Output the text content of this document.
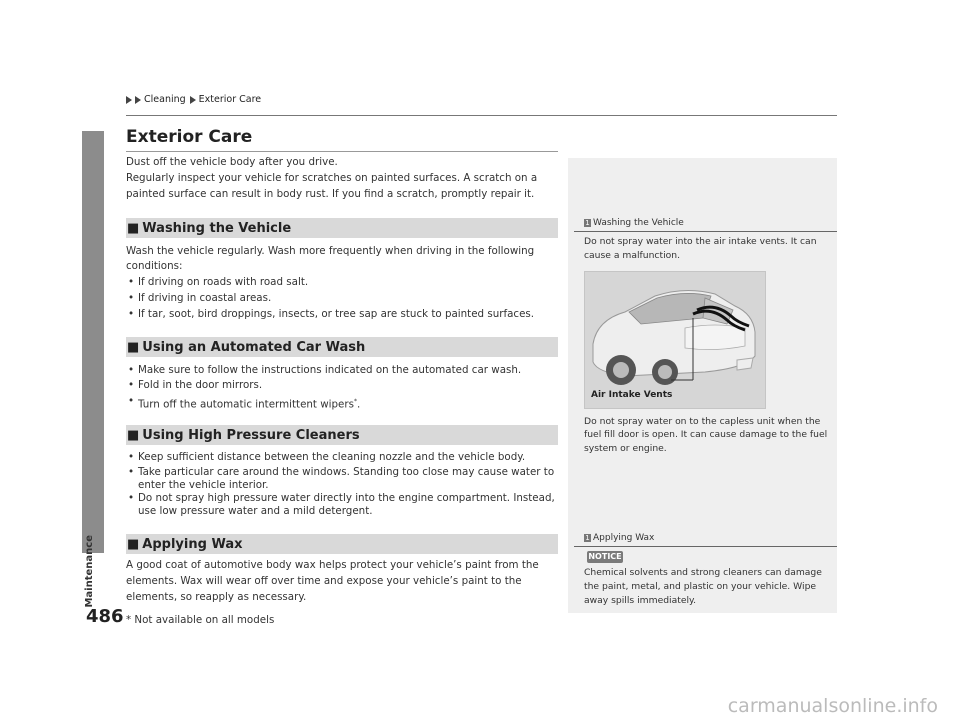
Maintenance
486
Cleaning Exterior Care
Exterior Care
Dust off the vehicle body after you drive.
Regularly inspect your vehicle for scratches on painted surfaces. A scratch on a
painted surface can result in body rust. If you find a scratch, promptly repair it.
■ Washing the Vehicle
Wash the vehicle regularly. Wash more frequently when driving in the following
conditions:
• If driving on roads with road salt.
• If driving in coastal areas.
• If tar, soot, bird droppings, insects, or tree sap are stuck to painted surfaces.
■ Using an Automated Car Wash
• Make sure to follow the instructions indicated on the automated car wash.
• Fold in the door mirrors.
• Turn off the automatic intermittent wipers*.
■ Using High Pressure Cleaners
• Keep sufficient distance between the cleaning nozzle and the vehicle body.
• Take particular care around the windows. Standing too close may cause water to
enter the vehicle interior.
• Do not spray high pressure water directly into the engine compartment. Instead,
use low pressure water and a mild detergent.
■ Applying Wax
A good coat of automotive body wax helps protect your vehicle’s paint from the
elements. Wax will wear off over time and expose your vehicle’s paint to the
elements, so reapply as necessary.
1 Washing the Vehicle
Do not spray water into the air intake vents. It can
cause a malfunction.
Air Intake Vents
Do not spray water on to the capless unit when the
fuel fill door is open. It can cause damage to the fuel
system or engine.
1 Applying Wax
NOTICE
Chemical solvents and strong cleaners can damage
the paint, metal, and plastic on your vehicle. Wipe
away spills immediately.
* Not available on all models
carmanualsonline.info
